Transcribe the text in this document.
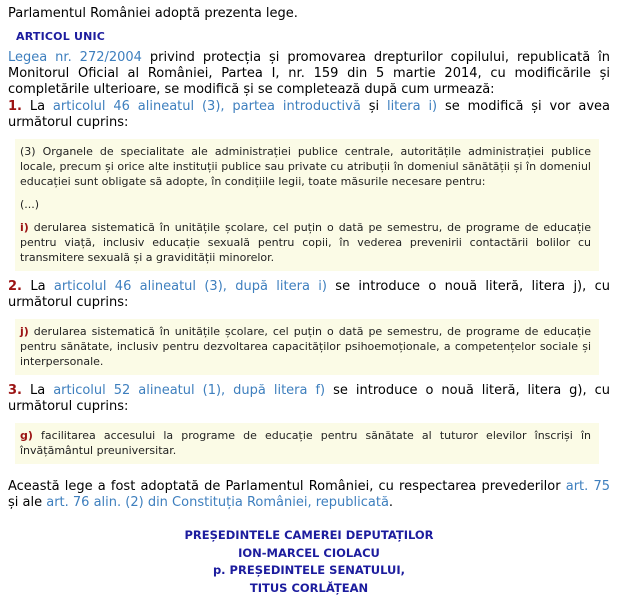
Parlamentul României adoptă prezenta lege.

ARTICOL UNIC

Legea nr. 272/2004 privind protecția și promovarea drepturilor copilului, republicată în Monitorul Oficial al României, Partea I, nr. 159 din 5 martie 2014, cu modificările și completările ulterioare, se modifică și se completează după cum urmează:

1. La articolul 46 alineatul (3), partea introductivă și litera i) se modifică și vor avea următorul cuprins:

(3) Organele de specialitate ale administrației publice centrale, autoritățile administrației publice locale, precum și orice alte instituții publice sau private cu atribuții în domeniul sănătății și în domeniul educației sunt obligate să adopte, în condițiile legii, toate măsurile necesare pentru:

(...)

i) derularea sistematică în unitățile școlare, cel puțin o dată pe semestru, de programe de educație pentru viață, inclusiv educație sexuală pentru copii, în vederea prevenirii contactării bolilor cu transmitere sexuală și a gravidității minorelor.

2. La articolul 46 alineatul (3), după litera i) se introduce o nouă literă, litera j), cu următorul cuprins:

j) derularea sistematică în unitățile școlare, cel puțin o dată pe semestru, de programe de educație pentru sănătate, inclusiv pentru dezvoltarea capacităților psihoemoționale, a competențelor sociale și interpersonale.

3. La articolul 52 alineatul (1), după litera f) se introduce o nouă literă, litera g), cu următorul cuprins:

g) facilitarea accesului la programe de educație pentru sănătate al tuturor elevilor înscriși în învățământul preuniversitar.

Această lege a fost adoptată de Parlamentul României, cu respectarea prevederilor art. 75 și ale art. 76 alin. (2) din Constituția României, republicată.

PREȘEDINTELE CAMEREI DEPUTAȚILOR

ION-MARCEL CIOLACU

p. PREȘEDINTELE SENATULUI,

TITUS CORLĂȚEAN
